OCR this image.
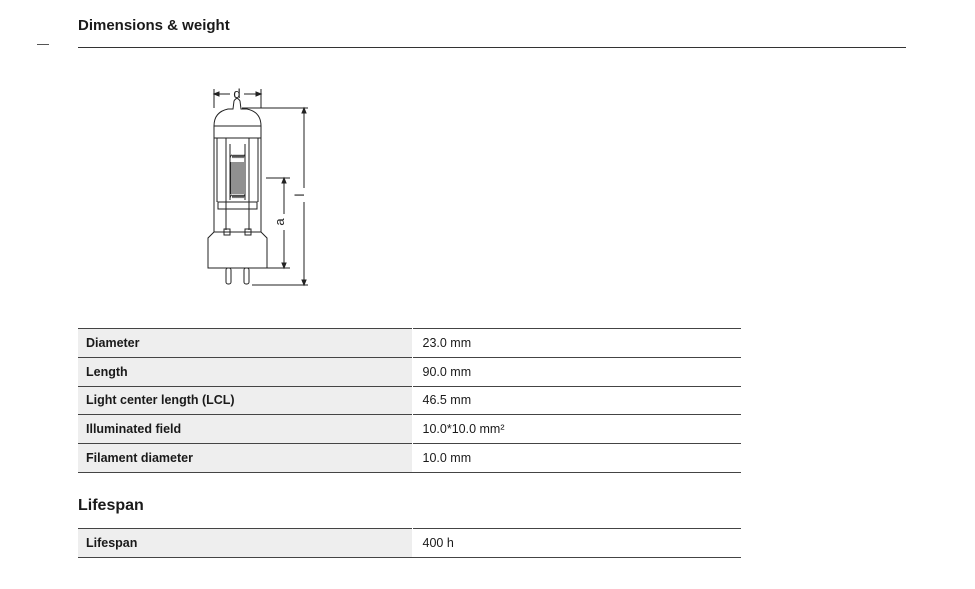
Dimensions & weight
d
l
a
Diameter	23.0 mm
Length	90.0 mm
Light center length (LCL)	46.5 mm
Illuminated field	10.0*10.0 mm²
Filament diameter	10.0 mm
Lifespan
Lifespan	400 h
